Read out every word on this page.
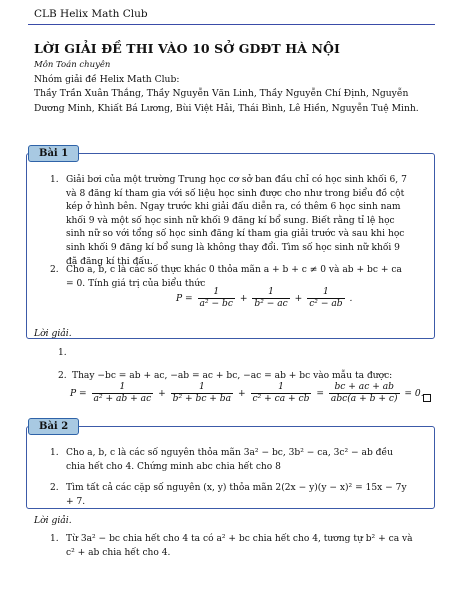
CLB Helix Math Club
LỜI GIẢI ĐỀ THI VÀO 10 SỞ GDĐT HÀ NỘI
Môn Toán chuyên
Nhóm giải đề Helix Math Club:
Thầy Trần Xuân Thắng, Thầy Nguyễn Văn Linh, Thầy Nguyễn Chí Định, Nguyễn Dương Minh, Khiất Bá Lương, Bùi Việt Hải, Thái Bình, Lê Hiền, Nguyễn Tuệ Minh.
Bài 1
1. Giải bơi của một trường Trung học cơ sở ban đầu chỉ có học sinh khối 6, 7 và 8 đăng kí tham gia với số liệu học sinh được cho như trong biểu đồ cột kép ở hình bên. Ngay trước khi giải đấu diễn ra, có thêm 6 học sinh nam khối 9 và một số học sinh nữ khối 9 đăng kí bổ sung. Biết rằng tỉ lệ học sinh nữ so với tổng số học sinh đăng kí tham gia giải trước và sau khi học sinh khối 9 đăng kí bổ sung là không thay đổi. Tìm số học sinh nữ khối 9 đã đăng kí thi đấu.
2. Cho a, b, c là các số thực khác 0 thỏa mãn a + b + c ≠ 0 và ab + bc + ca = 0. Tính giá trị của biểu thức
$P = \frac{1}{\text{a² − bc}} + \frac{1}{\text{b² − ac}} + \frac{1}{\text{c² − ab}}$ .
Lời giải.
1.
2. Thay −bc = ab + ac, −ab = ac + bc, −ac = ab + bc vào mẫu ta được:
$P = \frac{1}{\text{a² + ab + ac}} + \frac{1}{\text{b² + bc + ba}} + \frac{1}{\text{c² + ca + cb}} = \frac{bc + ac + ab}{\text{abc(a + b + c)}} = 0$.
Bài 2
1. Cho a, b, c là các số nguyên thỏa mãn 3a² − bc, 3b² − ca, 3c² − ab đều chia hết cho 4. Chứng minh abc chia hết cho 8
2. Tìm tất cả các cặp số nguyên (x, y) thỏa mãn 2(2x − y)(y − x)² = 15x − 7y + 7.
Lời giải.
1. Từ 3a² − bc chia hết cho 4 ta có a² + bc chia hết cho 4, tương tự b² + ca và c² + ab chia hết cho 4.
